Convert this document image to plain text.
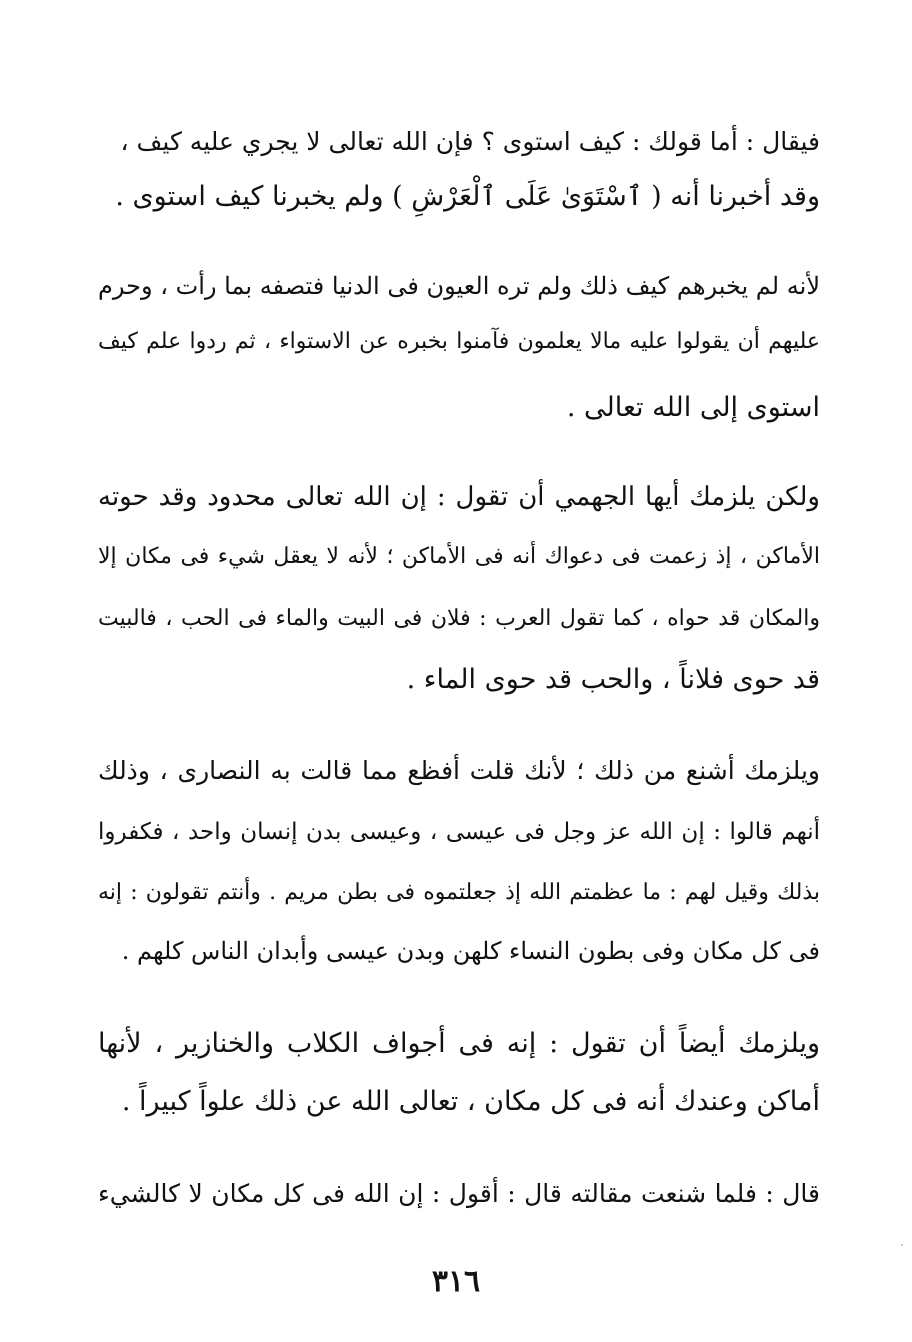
فيقال : أما قولك : كيف استوى ؟ فإن الله تعالى لا يجري عليه كيف ،
وقد أخبرنا أنه ( ٱسْتَوَىٰ عَلَى ٱلْعَرْشِ ) ولم يخبرنا كيف استوى .
لأنه لم يخبرهم كيف ذلك ولم تره العيون فى الدنيا فتصفه بما رأت ، وحرم
عليهم أن يقولوا عليه مالا يعلمون فآمنوا بخبره عن الاستواء ، ثم ردوا علم كيف
استوى إلى الله تعالى .
ولكن يلزمك أيها الجهمي أن تقول : إن الله تعالى محدود وقد حوته
الأماكن ، إذ زعمت فى دعواك أنه فى الأماكن ؛ لأنه لا يعقل شيء فى مكان إلا
والمكان قد حواه ، كما تقول العرب : فلان فى البيت والماء فى الحب ، فالبيت
قد حوى فلاناً ، والحب قد حوى الماء .
ويلزمك أشنع من ذلك ؛ لأنك قلت أفظع مما قالت به النصارى ، وذلك
أنهم قالوا : إن الله عز وجل فى عيسى ، وعيسى بدن إنسان واحد ، فكفروا
بذلك وقيل لهم : ما عظمتم الله إذ جعلتموه فى بطن مريم . وأنتم تقولون : إنه
فى كل مكان وفى بطون النساء كلهن وبدن عيسى وأبدان الناس كلهم .
ويلزمك أيضاً أن تقول : إنه فى أجواف الكلاب والخنازير ، لأنها
أماكن وعندك أنه فى كل مكان ، تعالى الله عن ذلك علواً كبيراً .
قال : فلما شنعت مقالته قال : أقول : إن الله فى كل مكان لا كالشيء
٣١٦
